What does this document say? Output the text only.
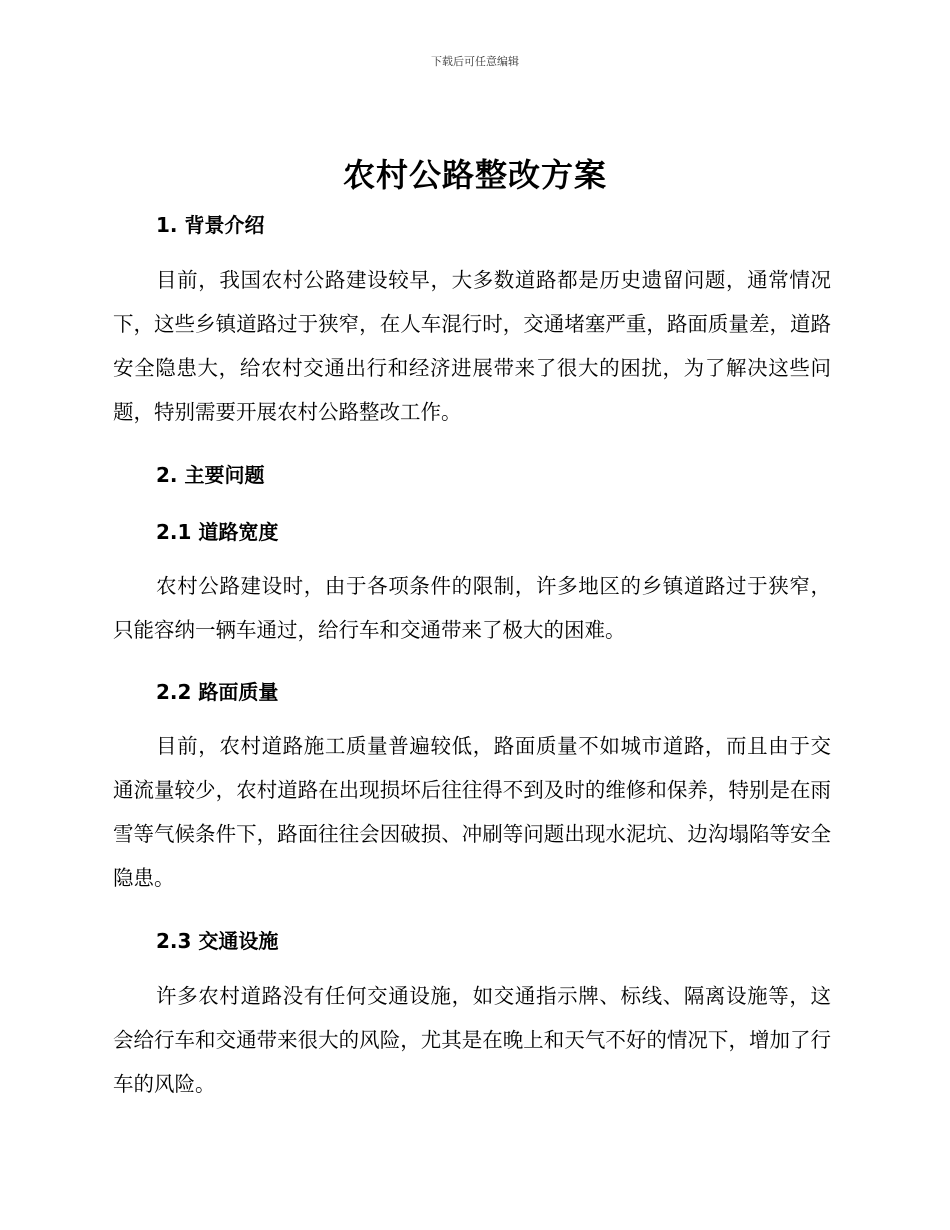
下载后可任意编辑
农村公路整改方案
1. 背景介绍
目前，我国农村公路建设较早，大多数道路都是历史遗留问题，通常情况下，这些乡镇道路过于狭窄，在人车混行时，交通堵塞严重，路面质量差，道路安全隐患大，给农村交通出行和经济进展带来了很大的困扰，为了解决这些问题，特别需要开展农村公路整改工作。
2. 主要问题
2.1 道路宽度
农村公路建设时，由于各项条件的限制，许多地区的乡镇道路过于狭窄，只能容纳一辆车通过，给行车和交通带来了极大的困难。
2.2 路面质量
目前，农村道路施工质量普遍较低，路面质量不如城市道路，而且由于交通流量较少，农村道路在出现损坏后往往得不到及时的维修和保养，特别是在雨雪等气候条件下，路面往往会因破损、冲刷等问题出现水泥坑、边沟塌陷等安全隐患。
2.3 交通设施
许多农村道路没有任何交通设施，如交通指示牌、标线、隔离设施等，这会给行车和交通带来很大的风险，尤其是在晚上和天气不好的情况下，增加了行车的风险。
